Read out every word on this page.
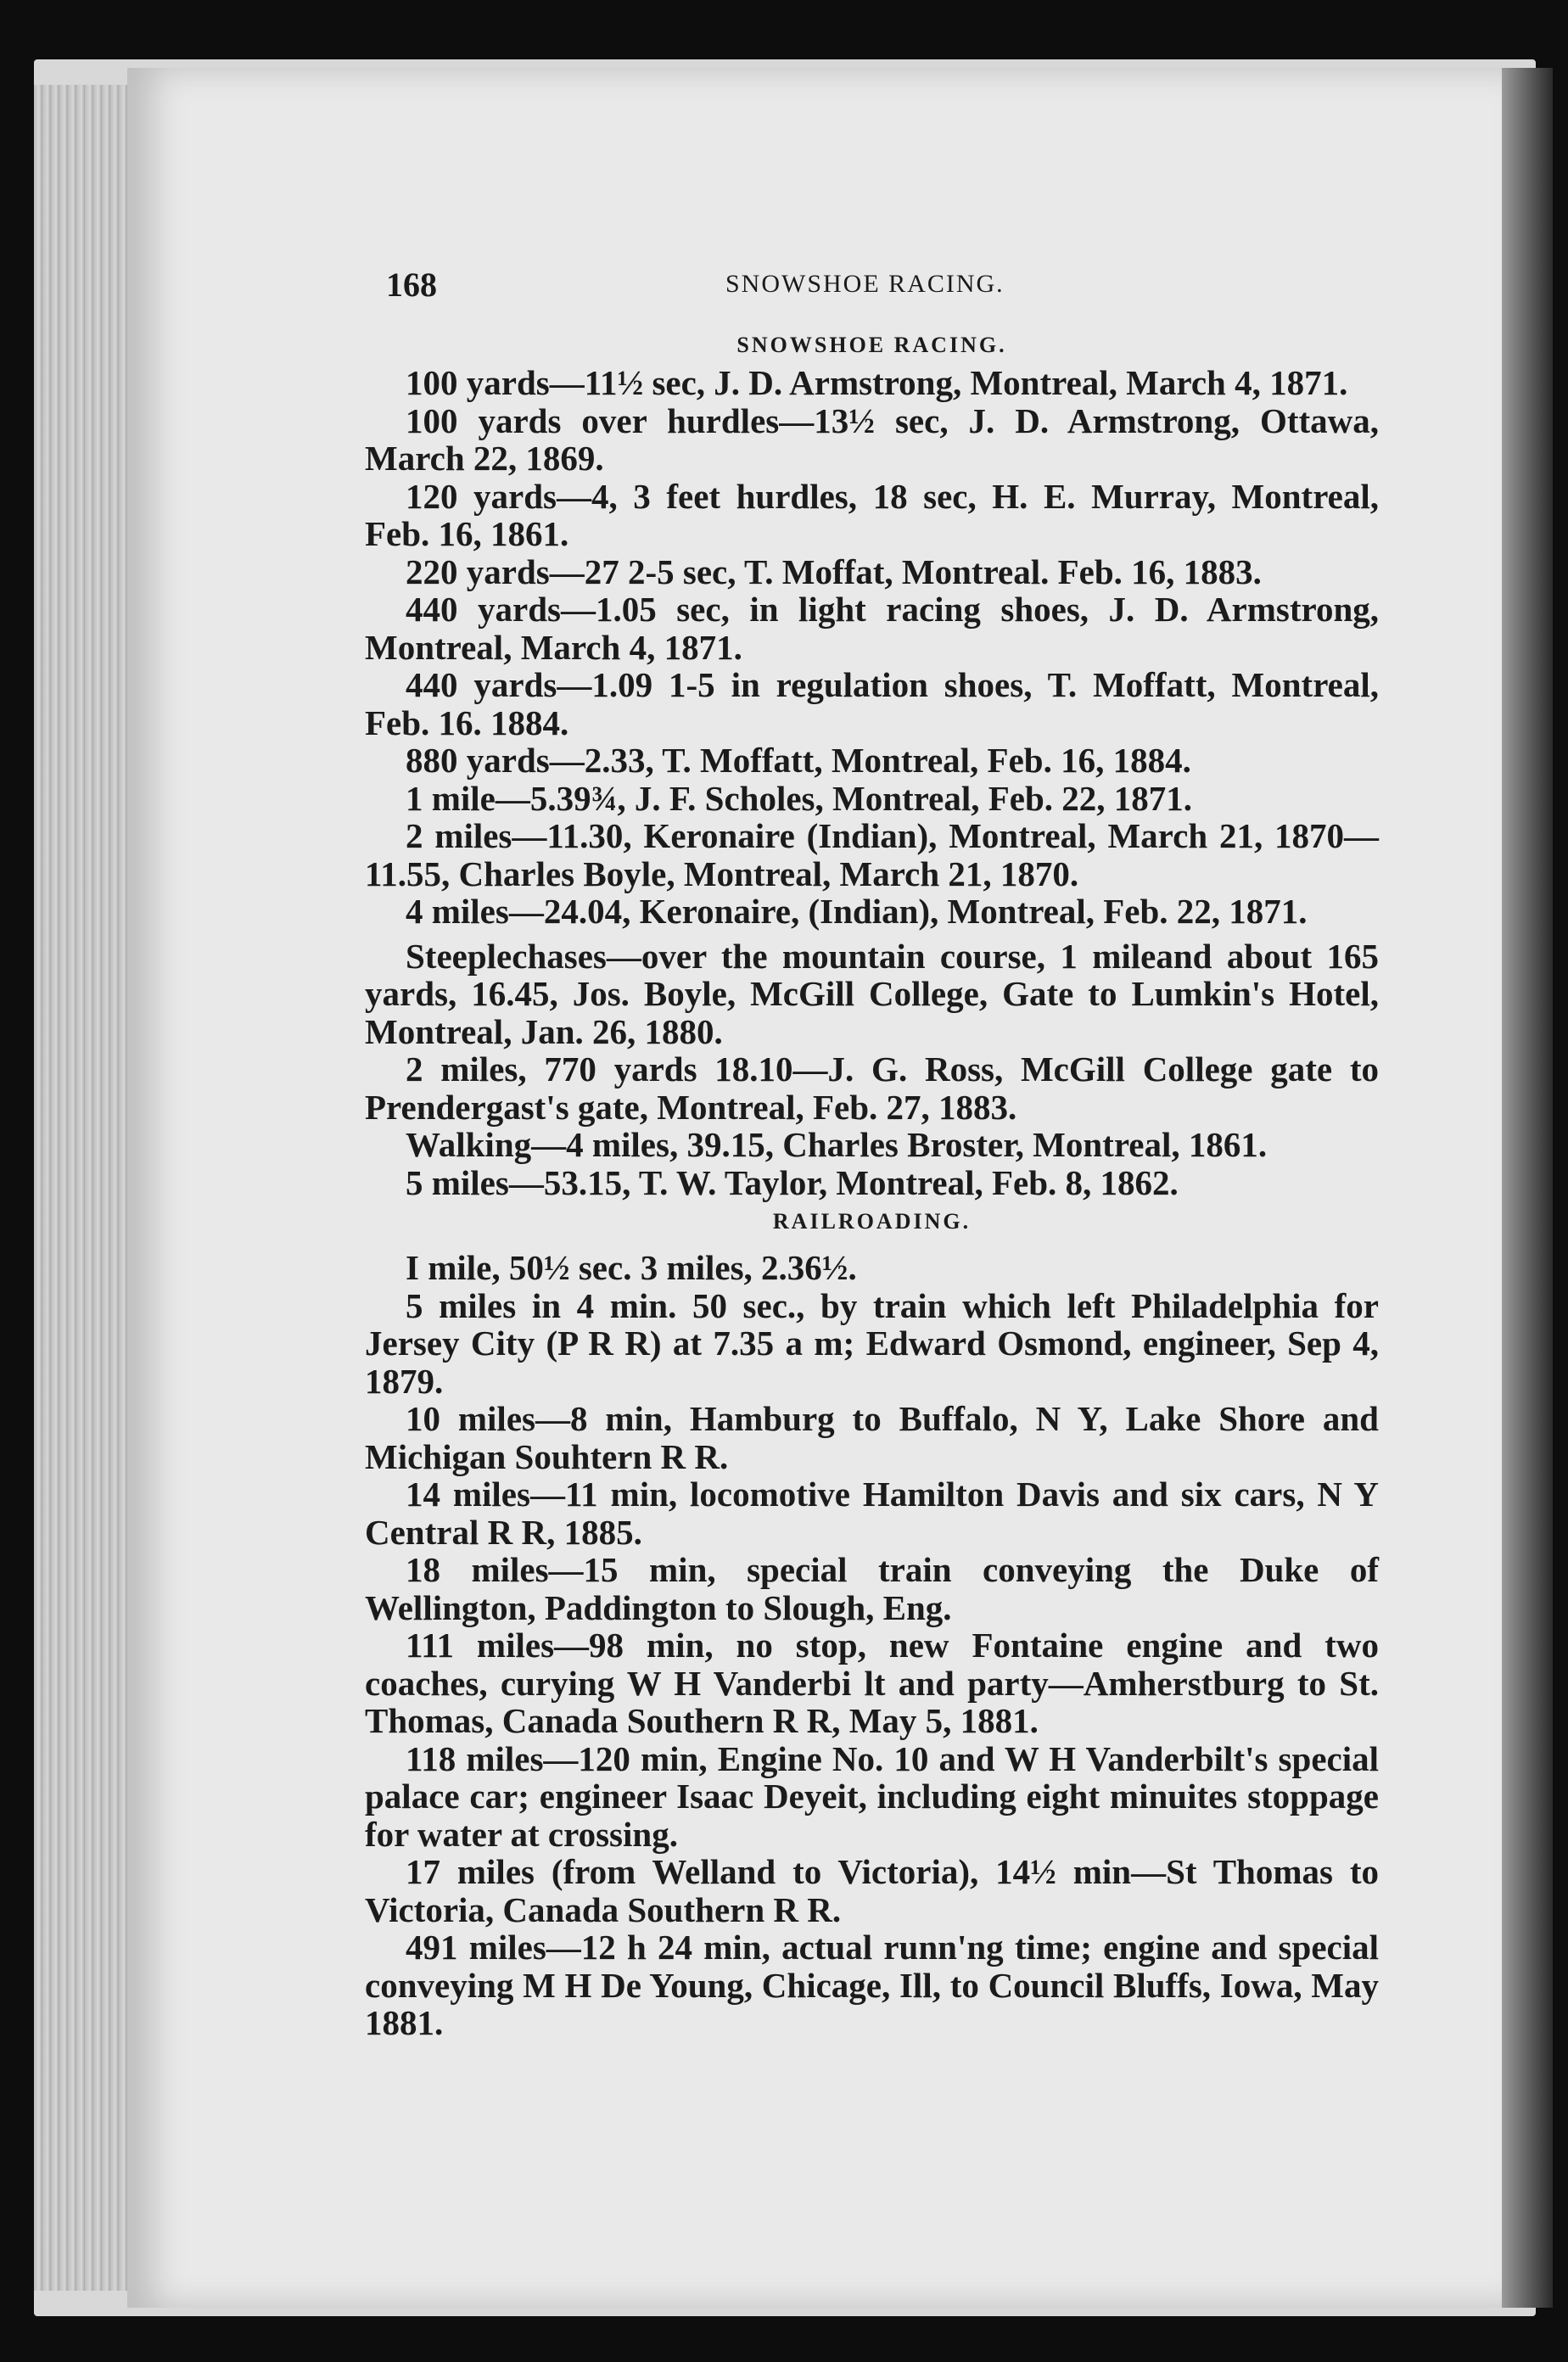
168	SNOWSHOE RACING.

SNOWSHOE RACING.

100 yards—11½ sec, J. D. Armstrong, Montreal, March 4, 1871.

100 yards over hurdles—13½ sec, J. D. Armstrong, Ottawa, March 22, 1869.

120 yards—4, 3 feet hurdles, 18 sec, H. E. Murray, Montreal, Feb. 16, 1861.

220 yards—27 2-5 sec, T. Moffat, Montreal. Feb. 16, 1883.

440 yards—1.05 sec, in light racing shoes, J. D. Armstrong, Montreal, March 4, 1871.

440 yards—1.09 1-5 in regulation shoes, T. Moffatt, Montreal, Feb. 16. 1884.

880 yards—2.33, T. Moffatt, Montreal, Feb. 16, 1884.

1 mile—5.39¾, J. F. Scholes, Montreal, Feb. 22, 1871.

2 miles—11.30, Keronaire (Indian), Montreal, March 21, 1870—11.55, Charles Boyle, Montreal, March 21, 1870.

4 miles—24.04, Keronaire, (Indian), Montreal, Feb. 22, 1871.

Steeplechases—over the mountain course, 1 mileand about 165 yards, 16.45, Jos. Boyle, McGill College, Gate to Lumkin's Hotel, Montreal, Jan. 26, 1880.

2 miles, 770 yards 18.10—J. G. Ross, McGill College gate to Prendergast's gate, Montreal, Feb. 27, 1883.

Walking—4 miles, 39.15, Charles Broster, Montreal, 1861.

5 miles—53.15, T. W. Taylor, Montreal, Feb. 8, 1862.

RAILROADING.

I mile, 50½ sec. 3 miles, 2.36½.

5 miles in 4 min. 50 sec., by train which left Philadelphia for Jersey City (P R R) at 7.35 a m; Edward Osmond, engineer, Sep 4, 1879.

10 miles—8 min, Hamburg to Buffalo, N Y, Lake Shore and Michigan Souhtern R R.

14 miles—11 min, locomotive Hamilton Davis and six cars, N Y Central R R, 1885.

18 miles—15 min, special train conveying the Duke of Wellington, Paddington to Slough, Eng.

111 miles—98 min, no stop, new Fontaine engine and two coaches, curying W H Vanderbi lt and party—Amherstburg to St. Thomas, Canada Southern R R, May 5, 1881.

118 miles—120 min, Engine No. 10 and W H Vanderbilt's special palace car; engineer Isaac Deyeit, including eight minuites stoppage for water at crossing.

17 miles (from Welland to Victoria), 14½ min—St Thomas to Victoria, Canada Southern R R.

491 miles—12 h 24 min, actual runn'ng time; engine and special conveying M H De Young, Chicage, Ill, to Council Bluffs, Iowa, May 1881.
